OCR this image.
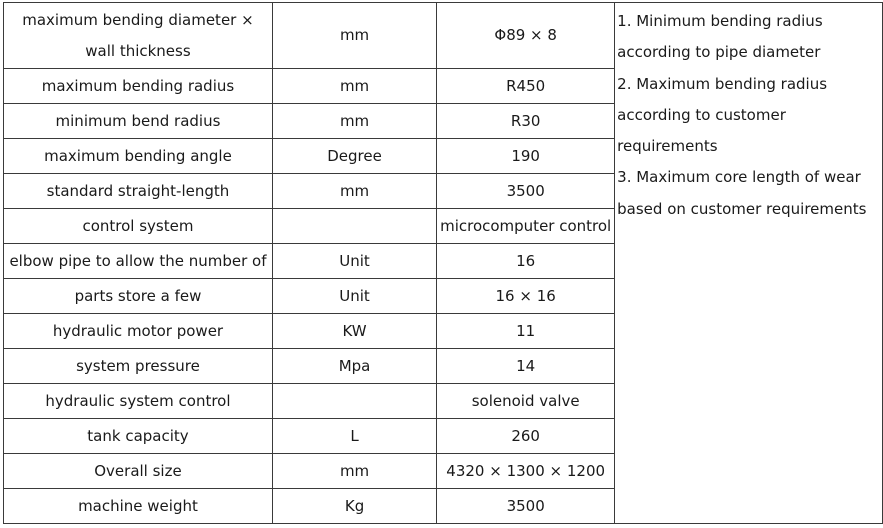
maximum bending diameter × wall thickness	mm	Φ89 × 8	1. Minimum bending radius according to pipe diameter
2. Maximum bending radius according to customer requirements
3. Maximum core length of wear based on customer requirements

maximum bending radius	mm	R450	
minimum bend radius	mm	R30	
maximum bending angle	Degree	190	
standard straight-length	mm	3500	
control system		microcomputer control	
elbow pipe to allow the number of	Unit	16	
parts store a few	Unit	16 × 16	
hydraulic motor power	KW	11	
system pressure	Mpa	14	
hydraulic system control		solenoid valve	
tank capacity	L	260	
Overall size	mm	4320 × 1300 × 1200	
machine weight	Kg	3500	
